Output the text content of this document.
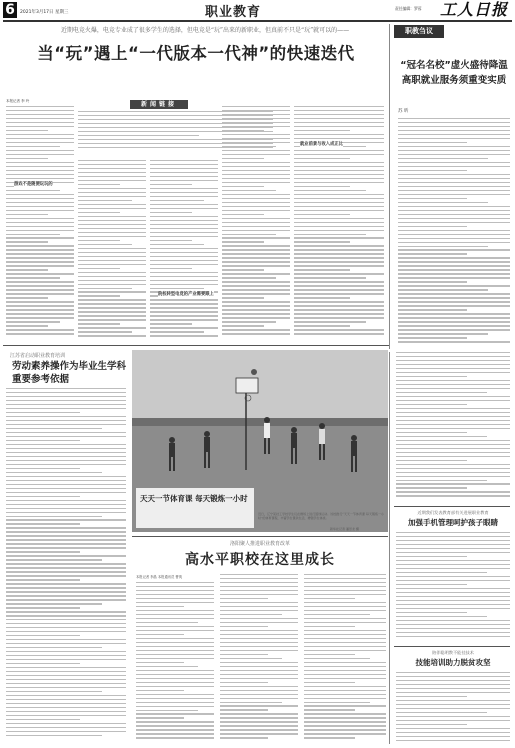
6	2021年3月17日 星期三	职业教育	责任编辑：罗蓉 工人日报
近期电竞火爆，电竞专业成了很多学生的选择，但电竞是“玩”出来的新职业，但真前不只是“玩”就可以的——
当“玩”遇上“一代版本一代神”的快速迭代
新闻链接
本报记者 李 玲
游戏不是随便玩玩的
院校转型电竞的产业需要跟上
就业前景与收入成正比
职教刍议
“冠名名校”虚火盛待降温
高职就业服务须重变实质
苏 昕
江苏省启动职业教育培训
劳动素养操作为毕业生学科重要参考依据
天天一节体育课 每天锻炼一小时
近日，辽宁某技工学校学生们在操场上进行篮球运动。该校推行“天天一节体育课 每天锻炼一小时”的体育课程，丰富学生课余生活，增强学生体质。
新华社记者 潘昱龙 摄
洛阳聚人推进职业教育改革
高水平职校在这里成长
本报记者 李晶 本报通讯员 曹爽
近期我们发表教育部有关进展职业教育
加强手机管理呵护孩子眼睛
陪伴聪明教不能挂技术
技能培训助力脱贫攻坚
